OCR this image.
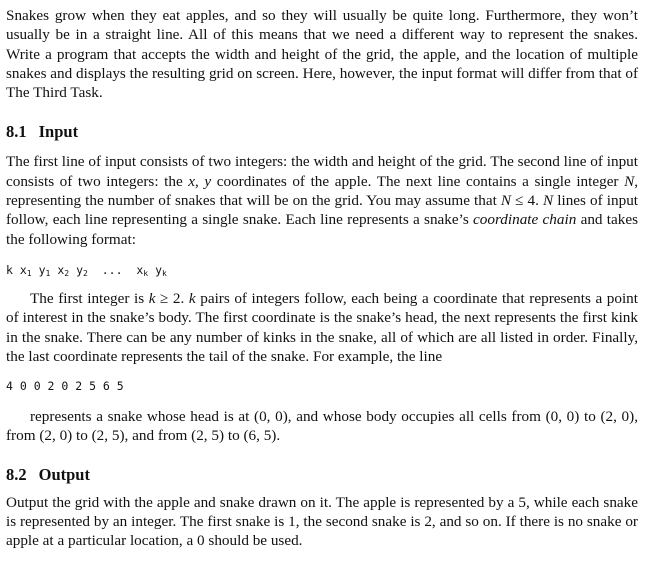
Snakes grow when they eat apples, and so they will usually be quite long. Furthermore, they won’t usually be in a straight line. All of this means that we need a different way to represent the snakes. Write a program that accepts the width and height of the grid, the apple, and the location of multiple snakes and displays the resulting grid on screen. Here, however, the input format will differ from that of The Third Task.

8.1 Input

The first line of input consists of two integers: the width and height of the grid. The second line of input consists of two integers: the x, y coordinates of the apple. The next line contains a single integer N, representing the number of snakes that will be on the grid. You may assume that N ≤ 4. N lines of input follow, each line representing a single snake. Each line represents a snake’s coordinate chain and takes the following format:

k $x_1$ $y_1$ $x_2$ $y_2$ ... $x_k$ $y_k$

The first integer is k ≥ 2. k pairs of integers follow, each being a coordinate that represents a point of interest in the snake’s body. The first coordinate is the snake’s head, the next represents the first kink in the snake. There can be any number of kinks in the snake, all of which are all listed in order. Finally, the last coordinate represents the tail of the snake. For example, the line

4 0 0 2 0 2 5 6 5

represents a snake whose head is at (0, 0), and whose body occupies all cells from (0, 0) to (2, 0), from (2, 0) to (2, 5), and from (2, 5) to (6, 5).

8.2 Output

Output the grid with the apple and snake drawn on it. The apple is represented by a 5, while each snake is represented by an integer. The first snake is 1, the second snake is 2, and so on. If there is no snake or apple at a particular location, a 0 should be used.
